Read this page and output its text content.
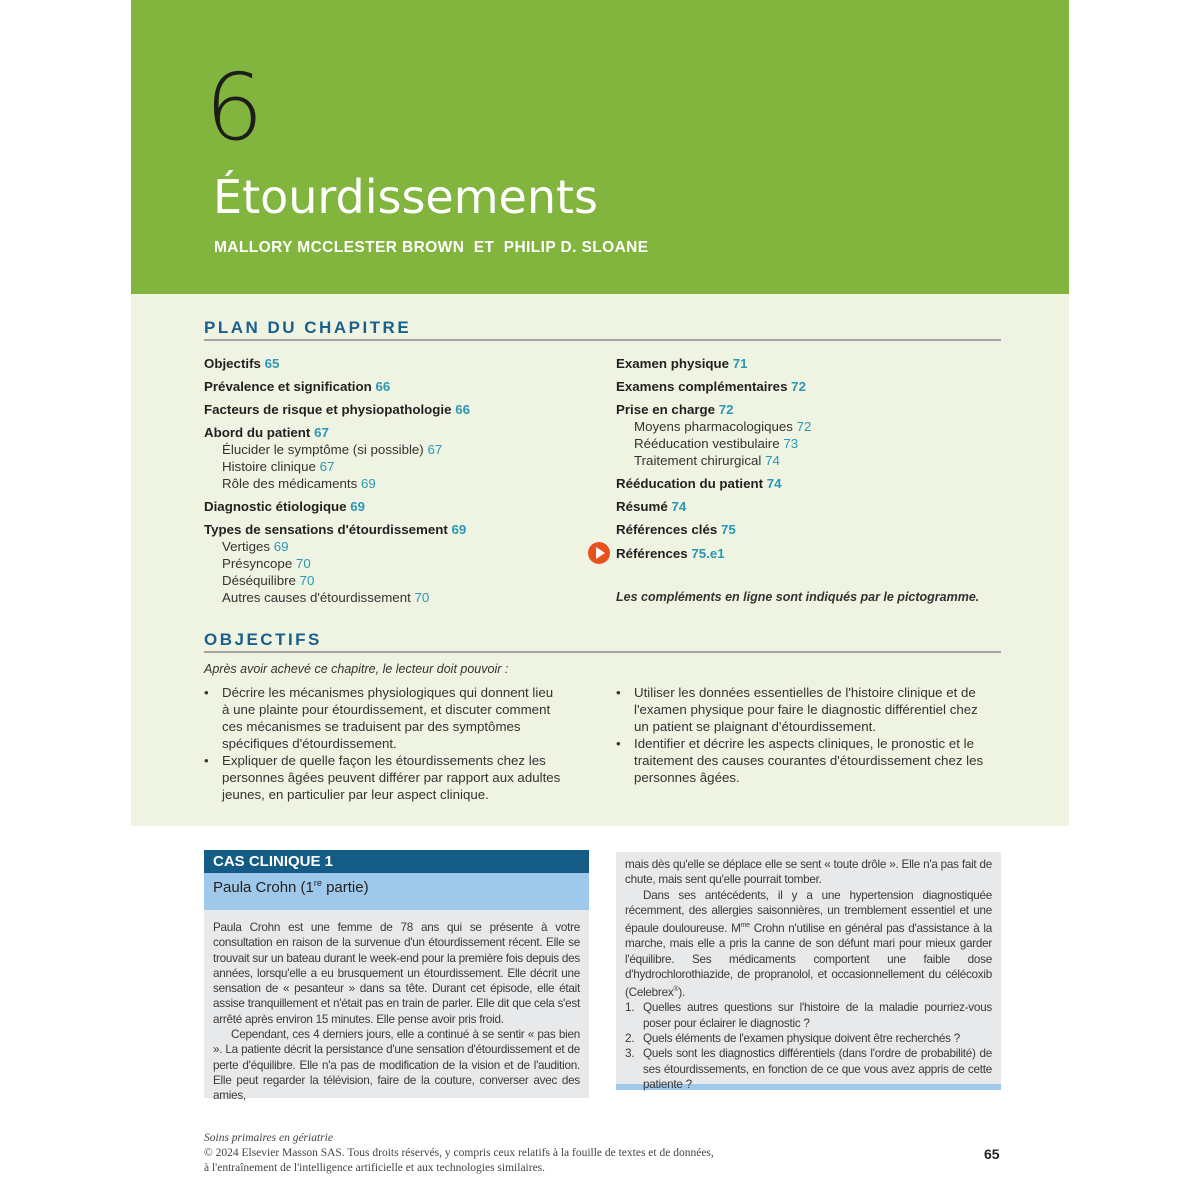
6
Étourdissements
MALLORY MCCLESTER BROWN  ET  PHILIP D. SLOANE
PLAN DU CHAPITRE
Objectifs 65
Prévalence et signification 66
Facteurs de risque et physiopathologie 66
Abord du patient 67
Élucider le symptôme (si possible) 67
Histoire clinique 67
Rôle des médicaments 69
Diagnostic étiologique 69
Types de sensations d'étourdissement 69
Vertiges 69
Présyncope 70
Déséquilibre 70
Autres causes d'étourdissement 70
Examen physique 71
Examens complémentaires 72
Prise en charge 72
Moyens pharmacologiques 72
Rééducation vestibulaire 73
Traitement chirurgical 74
Rééducation du patient 74
Résumé 74
Références clés 75
Références 75.e1
Les compléments en ligne sont indiqués par le pictogramme.
OBJECTIFS
Après avoir achevé ce chapitre, le lecteur doit pouvoir :
• Décrire les mécanismes physiologiques qui donnent lieu à une plainte pour étourdissement, et discuter comment ces mécanismes se traduisent par des symptômes spécifiques d'étourdissement.
• Expliquer de quelle façon les étourdissements chez les personnes âgées peuvent différer par rapport aux adultes jeunes, en particulier par leur aspect clinique.
• Utiliser les données essentielles de l'histoire clinique et de l'examen physique pour faire le diagnostic différentiel chez un patient se plaignant d'étourdissement.
• Identifier et décrire les aspects cliniques, le pronostic et le traitement des causes courantes d'étourdissement chez les personnes âgées.
CAS CLINIQUE 1
Paula Crohn (1re partie)

Paula Crohn est une femme de 78 ans qui se présente à votre consultation en raison de la survenue d'un étourdissement récent. Elle se trouvait sur un bateau durant le week-end pour la première fois depuis des années, lorsqu'elle a eu brusquement un étourdissement. Elle décrit une sensation de « pesanteur » dans sa tête. Durant cet épisode, elle était assise tranquillement et n'était pas en train de parler. Elle dit que cela s'est arrêté après environ 15 minutes. Elle pense avoir pris froid.

Cependant, ces 4 derniers jours, elle a continué à se sentir « pas bien ». La patiente décrit la persistance d'une sensation d'étourdissement et de perte d'équilibre. Elle n'a pas de modification de la vision et de l'audition. Elle peut regarder la télévision, faire de la couture, converser avec des amies,

mais dès qu'elle se déplace elle se sent « toute drôle ». Elle n'a pas fait de chute, mais sent qu'elle pourrait tomber.

Dans ses antécédents, il y a une hypertension diagnostiquée récemment, des allergies saisonnières, un tremblement essentiel et une épaule douloureuse. $M^{me}$ Crohn n'utilise en général pas d'assistance à la marche, mais elle a pris la canne de son défunt mari pour mieux garder l'équilibre. Ses médicaments comportent une faible dose d'hydrochlorothiazide, de propranolol, et occasionnellement du célécoxib (Celebrex®).

1. Quelles autres questions sur l'histoire de la maladie pourriez-vous poser pour éclairer le diagnostic ?
2. Quels éléments de l'examen physique doivent être recherchés ?
3. Quels sont les diagnostics différentiels (dans l'ordre de probabilité) de ses étourdissements, en fonction de ce que vous avez appris de cette patiente ?
Soins primaires en gériatrie
© 2024 Elsevier Masson SAS. Tous droits réservés, y compris ceux relatifs à la fouille de textes et de données,
à l'entraînement de l'intelligence artificielle et aux technologies similaires.
65
